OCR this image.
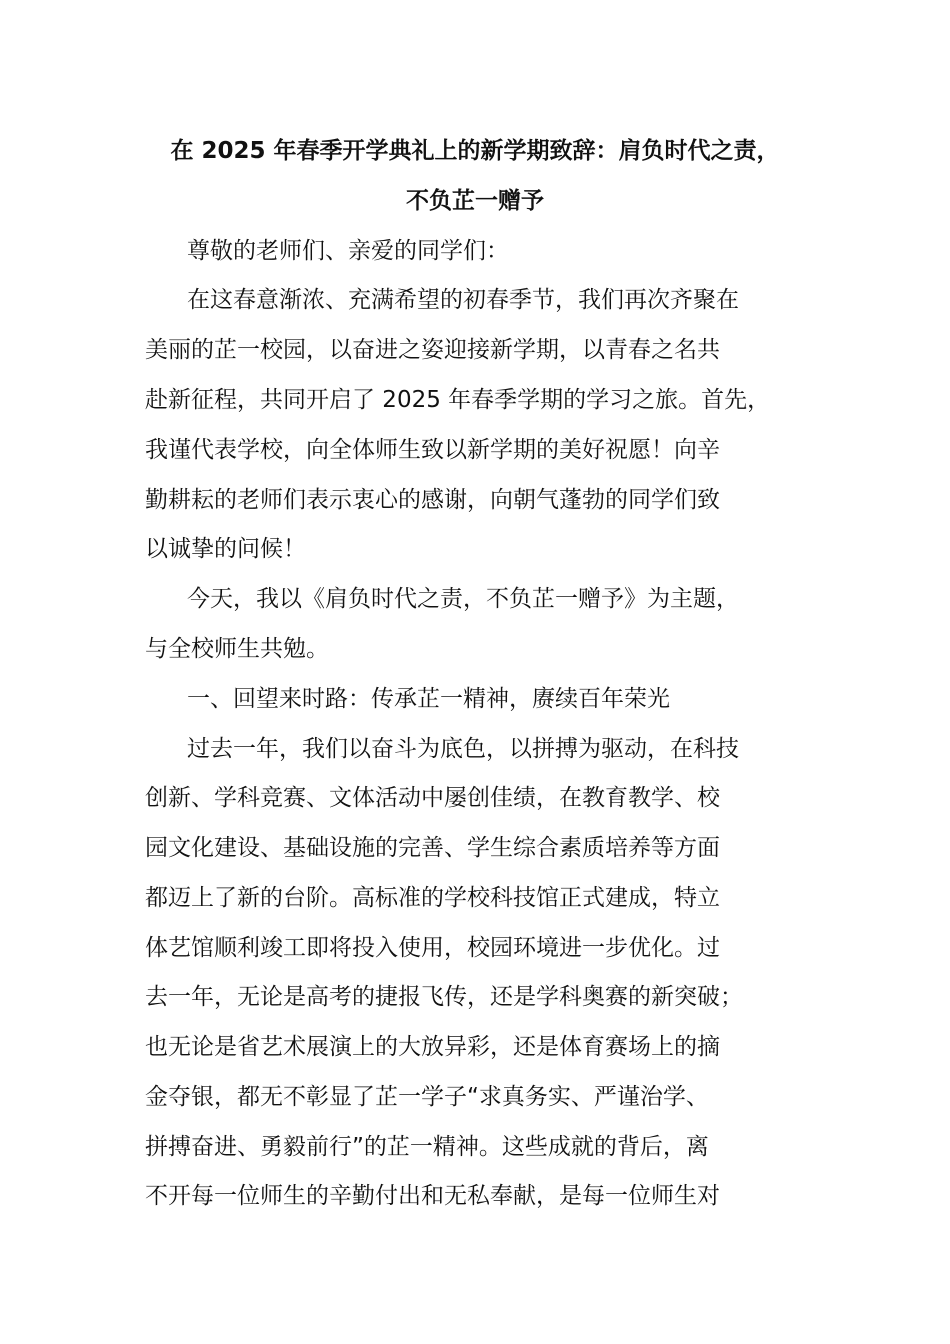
在 2025 年春季开学典礼上的新学期致辞：肩负时代之责，
不负芷一赠予
尊敬的老师们、亲爱的同学们：
在这春意渐浓、充满希望的初春季节，我们再次齐聚在
美丽的芷一校园，以奋进之姿迎接新学期，以青春之名共
赴新征程，共同开启了 2025 年春季学期的学习之旅。首先，
我谨代表学校，向全体师生致以新学期的美好祝愿！向辛
勤耕耘的老师们表示衷心的感谢，向朝气蓬勃的同学们致
以诚挚的问候！
今天，我以《肩负时代之责，不负芷一赠予》为主题，
与全校师生共勉。
一、回望来时路：传承芷一精神，赓续百年荣光
过去一年，我们以奋斗为底色，以拼搏为驱动，在科技
创新、学科竞赛、文体活动中屡创佳绩，在教育教学、校
园文化建设、基础设施的完善、学生综合素质培养等方面
都迈上了新的台阶。高标准的学校科技馆正式建成，特立
体艺馆顺利竣工即将投入使用，校园环境进一步优化。过
去一年，无论是高考的捷报飞传，还是学科奥赛的新突破；
也无论是省艺术展演上的大放异彩，还是体育赛场上的摘
金夺银，都无不彰显了芷一学子“求真务实、严谨治学、
拼搏奋进、勇毅前行”的芷一精神。这些成就的背后，离
不开每一位师生的辛勤付出和无私奉献，是每一位师生对
